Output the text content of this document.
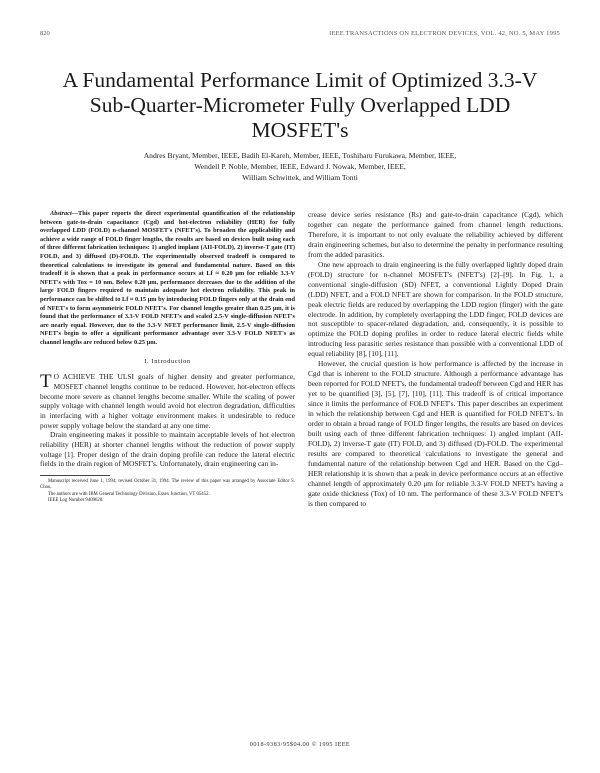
820	IEEE TRANSACTIONS ON ELECTRON DEVICES, VOL. 42, NO. 5, MAY 1995
A Fundamental Performance Limit of Optimized 3.3-V Sub-Quarter-Micrometer Fully Overlapped LDD MOSFET's
Andres Bryant, Member, IEEE, Badih El-Kareh, Member, IEEE, Toshiharu Furukawa, Member, IEEE,
Wendell P. Noble, Member, IEEE, Edward J. Nowak, Member, IEEE,
William Schwittek, and William Tonti

Abstract—This paper reports the direct experimental quantification of the relationship between gate-to-drain capacitance (Cgd) and hot-electron reliability (HER) for fully overlapped LDD (FOLD) n-channel MOSFET's (NFET's). To broaden the applicability and achieve a wide range of FOLD finger lengths, the results are based on devices built using each of three different fabrication techniques: 1) angled implant (AII-FOLD), 2) inverse-T gate (IT) FOLD, and 3) diffused (D)-FOLD. The experimentally observed tradeoff is compared to theoretical calculations to investigate its general and fundamental nature. Based on this tradeoff it is shown that a peak in performance occurs at Lf ≈ 0.20 μm for reliable 3.3-V NFET's with Tox = 10 nm. Below 0.20 μm, performance decreases due to the addition of the large FOLD fingers required to maintain adequate hot electron reliability. This peak in performance can be shifted to Lf ≈ 0.15 μm by introducing FOLD fingers only at the drain end of NFET's to form asymmetric FOLD NFET's. For channel lengths greater than 0.25 μm, it is found that the performance of 3.3-V FOLD NFET's and scaled 2.5-V single-diffusion NFET's are nearly equal. However, due to the 3.3-V NFET performance limit, 2.5-V single-diffusion NFET's begin to offer a significant performance advantage over 3.3-V FOLD NFET's as channel lengths are reduced below 0.25 μm.

I. Introduction

T O ACHIEVE THE ULSI goals of higher density and greater performance, MOSFET channel lengths continue to be reduced. However, hot-electron effects become more severe as channel lengths become smaller. While the scaling of power supply voltage with channel length would avoid hot electron degradation, difficulties in interfacing with a higher voltage environment makes it undesirable to reduce power supply voltage below the standard at any one time.

Drain engineering makes it possible to maintain acceptable levels of hot electron reliability (HER) at shorter channel lengths without the reduction of power supply voltage [1]. Proper design of the drain doping profile can reduce the lateral electric fields in the drain region of MOSFET's. Unfortunately, drain engineering can in-

Manuscript received June 1, 1994; revised October 31, 1994. The review of this paper was arranged by Associate Editor S. Chou.

The authors are with IBM General Technology Division, Essex Junction, VT 05452.

IEEE Log Number 9409620.

crease device series resistance (Rs) and gate-to-drain capacitance (Cgd), which together can negate the performance gained from channel length reductions. Therefore, it is important to not only evaluate the reliability achieved by different drain engineering schemes, but also to determine the penalty in performance resulting from the added parasitics.

One new approach to drain engineering is the fully overlapped lightly doped drain (FOLD) structure for n-channel MOSFET's (NFET's) [2]–[9]. In Fig. 1, a conventional single-diffusion (SD) NFET, a conventional Lightly Doped Drain (LDD) NFET, and a FOLD NFET are shown for comparison. In the FOLD structure, peak electric fields are reduced by overlapping the LDD region (finger) with the gate electrode. In addition, by completely overlapping the LDD finger, FOLD devices are not susceptible to spacer-related degradation, and, consequently, it is possible to optimize the FOLD doping profiles in order to reduce lateral electric fields while introducing less parasitic series resistance than possible with a conventional LDD of equal reliability [8], [10], [11].

However, the crucial question is how performance is affected by the increase in Cgd that is inherent to the FOLD structure. Although a performance advantage has been reported for FOLD NFET's, the fundamental tradeoff between Cgd and HER has yet to be quantified [3], [5], [7], [10], [11]. This tradeoff is of critical importance since it limits the performance of FOLD NFET's. This paper describes an experiment in which the relationship between Cgd and HER is quantified for FOLD NFET's. In order to obtain a broad range of FOLD finger lengths, the results are based on devices built using each of three different fabrication techniques: 1) angled implant (AII-FOLD), 2) inverse-T gate (IT) FOLD, and 3) diffused (D)-FOLD. The experimental results are compared to theoretical calculations to investigate the general and fundamental nature of the relationship between Cgd and HER. Based on the Cgd–HER relationship it is shown that a peak in device performance occurs at an effective channel length of approximately 0.20 μm for reliable 3.3-V FOLD NFET's having a gate oxide thickness (Tox) of 10 nm. The performance of these 3.3-V FOLD NFET's is then compared to

0018-9383/95$04.00 © 1995 IEEE
